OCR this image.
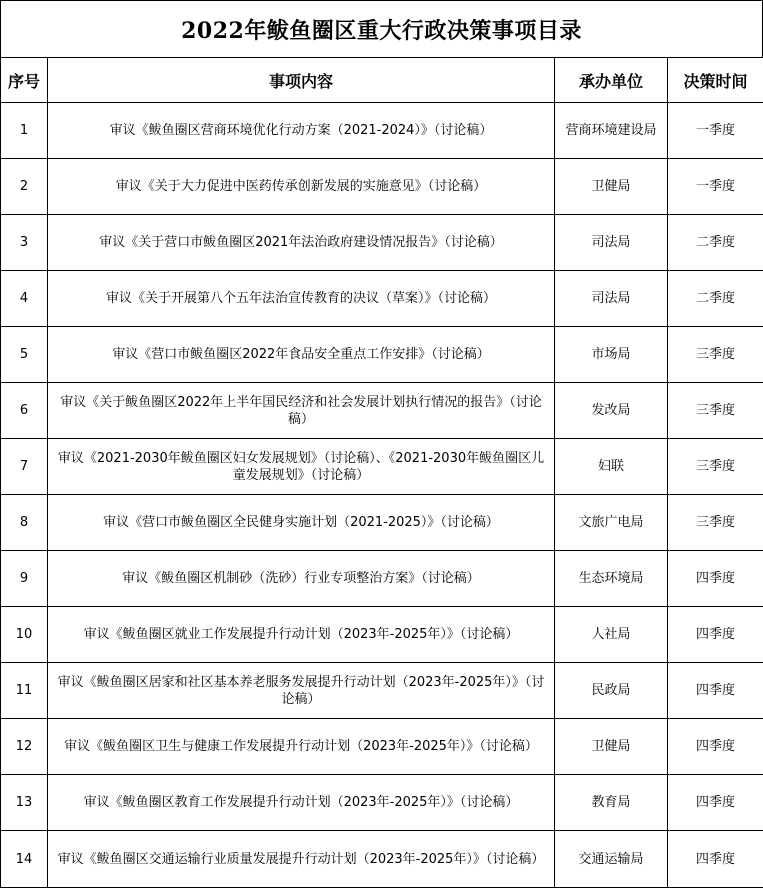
2022年鲅鱼圈区重大行政决策事项目录
序号	事项内容	承办单位	决策时间
1	审议《鲅鱼圈区营商环境优化行动方案（2021-2024）》（讨论稿）	营商环境建设局	一季度
2	审议《关于大力促进中医药传承创新发展的实施意见》（讨论稿）	卫健局	一季度
3	审议《关于营口市鲅鱼圈区2021年法治政府建设情况报告》（讨论稿）	司法局	二季度
4	审议《关于开展第八个五年法治宣传教育的决议（草案）》（讨论稿）	司法局	二季度
5	审议《营口市鲅鱼圈区2022年食品安全重点工作安排》（讨论稿）	市场局	三季度
6	审议《关于鲅鱼圈区2022年上半年国民经济和社会发展计划执行情况的报告》（讨论稿）	发改局	三季度
7	审议《2021-2030年鲅鱼圈区妇女发展规划》（讨论稿）、《2021-2030年鲅鱼圈区儿童发展规划》（讨论稿）	妇联	三季度
8	审议《营口市鲅鱼圈区全民健身实施计划（2021-2025）》（讨论稿）	文旅广电局	三季度
9	审议《鲅鱼圈区机制砂（洗砂）行业专项整治方案》（讨论稿）	生态环境局	四季度
10	审议《鲅鱼圈区就业工作发展提升行动计划（2023年-2025年）》（讨论稿）	人社局	四季度
11	审议《鲅鱼圈区居家和社区基本养老服务发展提升行动计划（2023年-2025年）》（讨论稿）	民政局	四季度
12	审议《鲅鱼圈区卫生与健康工作发展提升行动计划（2023年-2025年）》（讨论稿）	卫健局	四季度
13	审议《鲅鱼圈区教育工作发展提升行动计划（2023年-2025年）》（讨论稿）	教育局	四季度
14	审议《鲅鱼圈区交通运输行业质量发展提升行动计划（2023年-2025年）》（讨论稿）	交通运输局	四季度
